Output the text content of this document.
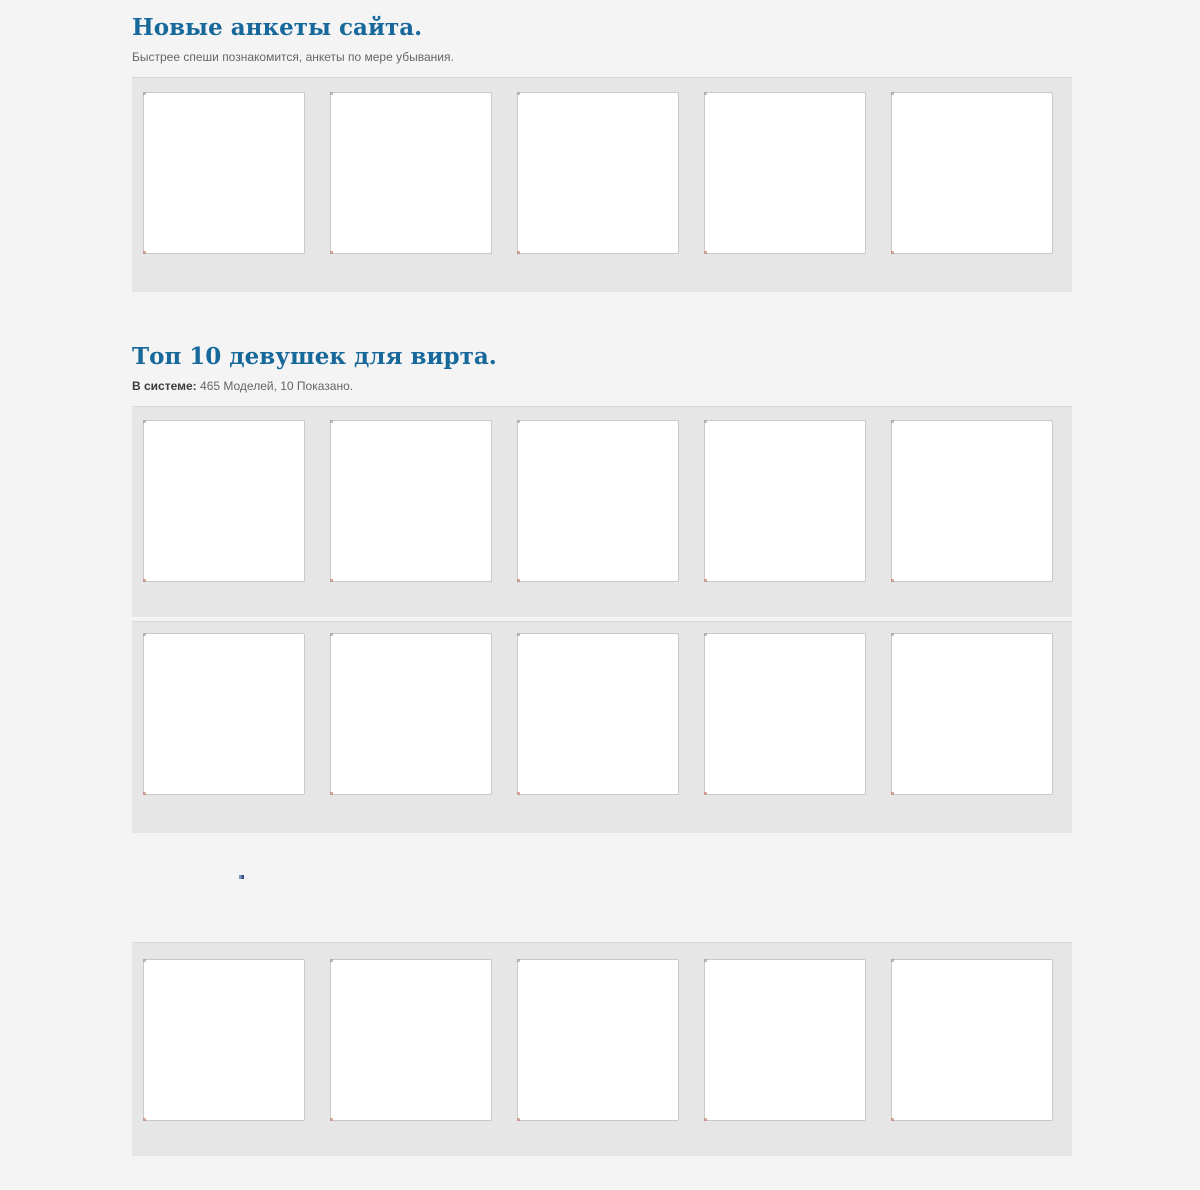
Новые анкеты сайта.
Быстрее спеши познакомится, анкеты по мере убывания.
Топ 10 девушек для вирта.
В системе: 465 Моделей, 10 Показано.
